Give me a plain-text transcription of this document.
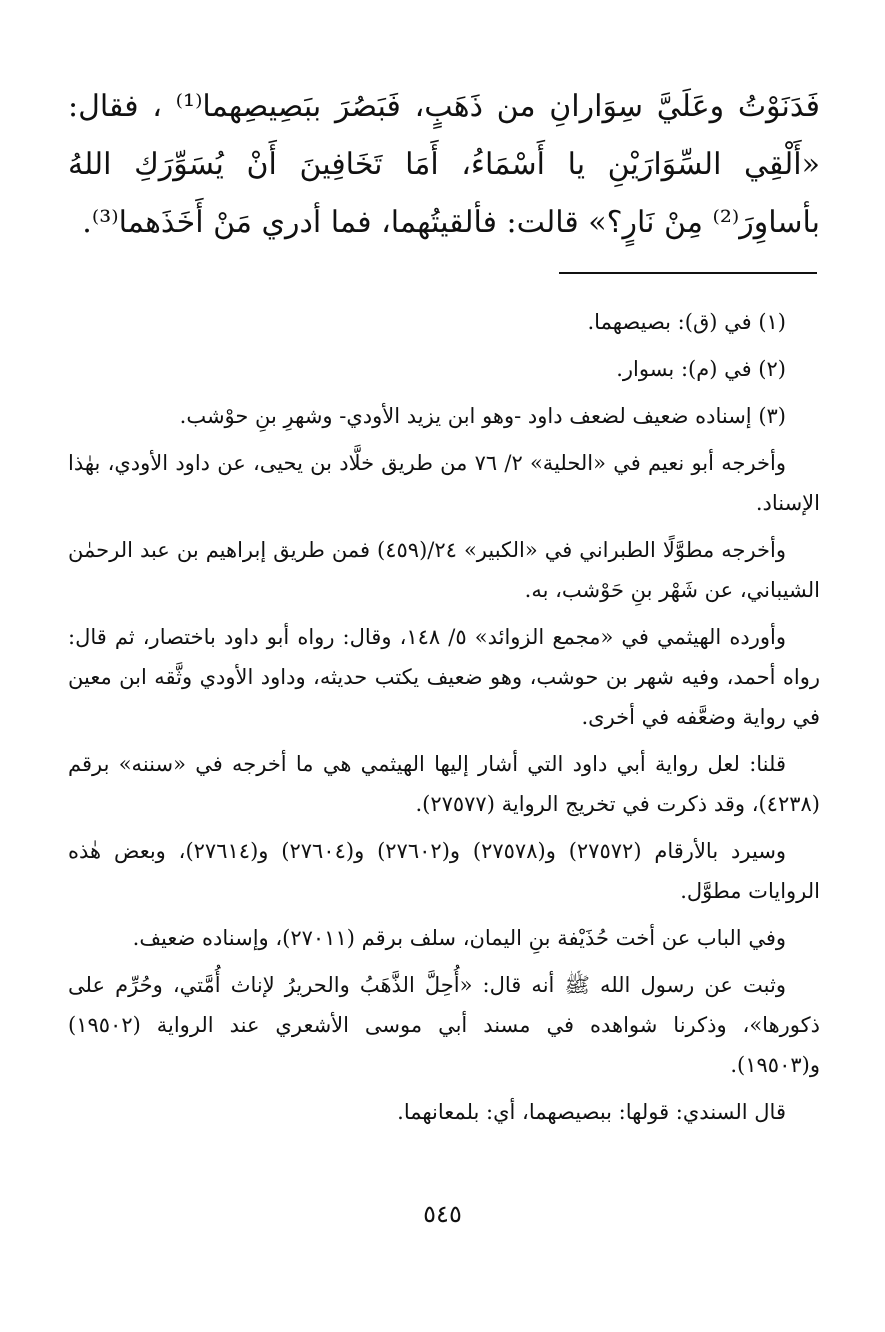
فَدَنَوْتُ وعَلَيَّ سِوَارانِ من ذَهَبٍ، فَبَصُرَ ببَصِيصِهما⁽¹⁾ ، فقال: «أَلْقِي السِّوَارَيْنِ يا أَسْمَاءُ، أَمَا تَخَافِينَ أَنْ يُسَوِّرَكِ اللهُ بأساوِرَ⁽²⁾ مِنْ نَارٍ؟» قالت: فألقيتُهما، فما أدري مَنْ أَخَذَهما⁽³⁾.

(١) في (ق): بصيصهما.

(٢) في (م): بسوار.

(٣) إسناده ضعيف لضعف داود -وهو ابن يزيد الأودي- وشهرِ بنِ حوْشب.

وأخرجه أبو نعيم في «الحلية» ٢/ ٧٦ من طريق خلَّاد بن يحيى، عن داود الأودي، بهٰذا الإسناد.

وأخرجه مطوَّلًا الطبراني في «الكبير» ٢٤/(٤٥٩) فمن طريق إبراهيم بن عبد الرحمٰن الشيباني، عن شَهْر بنِ حَوْشب، به.

وأورده الهيثمي في «مجمع الزوائد» ٥/ ١٤٨، وقال: رواه أبو داود باختصار، ثم قال: رواه أحمد، وفيه شهر بن حوشب، وهو ضعيف يكتب حديثه، وداود الأودي وثَّقه ابن معين في رواية وضعَّفه في أخرى.

قلنا: لعل رواية أبي داود التي أشار إليها الهيثمي هي ما أخرجه في «سننه» برقم (٤٢٣٨)، وقد ذكرت في تخريج الرواية (٢٧٥٧٧).

وسيرد بالأرقام (٢٧٥٧٢) و(٢٧٥٧٨) و(٢٧٦٠٢) و(٢٧٦٠٤) و(٢٧٦١٤)، وبعض هٰذه الروايات مطوَّل.

وفي الباب عن أخت حُذَيْفة بنِ اليمان، سلف برقم (٢٧٠١١)، وإسناده ضعيف.

وثبت عن رسول الله ﷺ أنه قال: «أُحِلَّ الذَّهَبُ والحريرُ لإناث أُمَّتي، وحُرِّم على ذكورها»، وذكرنا شواهده في مسند أبي موسى الأشعري عند الرواية (١٩٥٠٢) و(١٩٥٠٣).

قال السندي: قولها: ببصيصهما، أي: بلمعانهما.

٥٤٥
